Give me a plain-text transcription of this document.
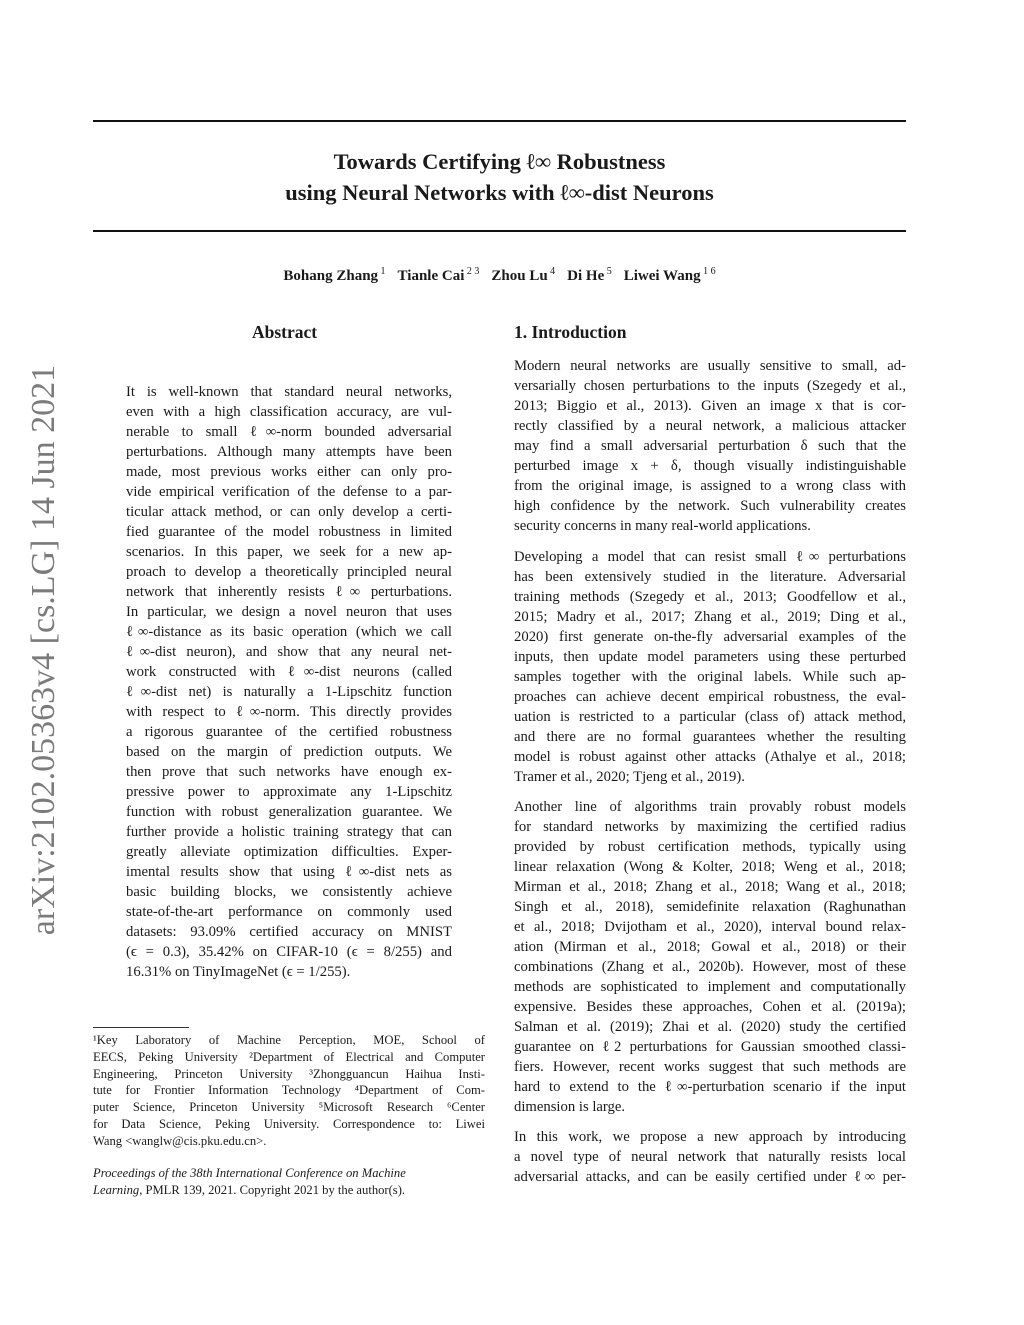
Towards Certifying ℓ∞ Robustness
using Neural Networks with ℓ∞-dist Neurons
Bohang Zhang $^1$ Tianle Cai $^{2 3}$ Zhou Lu $^4$ Di He $^5$ Liwei Wang $^{1 6}$
arXiv:2102.05363v4 [cs.LG] 14 Jun 2021
Abstract	1. Introduction
It is well-known that standard neural networks,
even with a high classification accuracy, are vul-
nerable to small ℓ∞-norm bounded adversarial
perturbations. Although many attempts have been
made, most previous works either can only pro-
vide empirical verification of the defense to a par-
ticular attack method, or can only develop a certi-
fied guarantee of the model robustness in limited
scenarios. In this paper, we seek for a new ap-
proach to develop a theoretically principled neural
network that inherently resists ℓ∞ perturbations.
In particular, we design a novel neuron that uses
ℓ∞-distance as its basic operation (which we call
ℓ∞-dist neuron), and show that any neural net-
work constructed with ℓ∞-dist neurons (called
ℓ∞-dist net) is naturally a 1-Lipschitz function
with respect to ℓ∞-norm. This directly provides
a rigorous guarantee of the certified robustness
based on the margin of prediction outputs. We
then prove that such networks have enough ex-
pressive power to approximate any 1-Lipschitz
function with robust generalization guarantee. We
further provide a holistic training strategy that can
greatly alleviate optimization difficulties. Exper-
imental results show that using ℓ∞-dist nets as
basic building blocks, we consistently achieve
state-of-the-art performance on commonly used
datasets: 93.09% certified accuracy on MNIST
(ϵ = 0.3), 35.42% on CIFAR-10 (ϵ = 8/255) and
16.31% on TinyImageNet (ϵ = 1/255).
Modern neural networks are usually sensitive to small, ad-
versarially chosen perturbations to the inputs (Szegedy et al.,
2013; Biggio et al., 2013). Given an image x that is cor-
rectly classified by a neural network, a malicious attacker
may find a small adversarial perturbation δ such that the
perturbed image x + δ, though visually indistinguishable
from the original image, is assigned to a wrong class with
high confidence by the network. Such vulnerability creates
security concerns in many real-world applications.
Developing a model that can resist small ℓ∞ perturbations
has been extensively studied in the literature. Adversarial
training methods (Szegedy et al., 2013; Goodfellow et al.,
2015; Madry et al., 2017; Zhang et al., 2019; Ding et al.,
2020) first generate on-the-fly adversarial examples of the
inputs, then update model parameters using these perturbed
samples together with the original labels. While such ap-
proaches can achieve decent empirical robustness, the eval-
uation is restricted to a particular (class of) attack method,
and there are no formal guarantees whether the resulting
model is robust against other attacks (Athalye et al., 2018;
Tramer et al., 2020; Tjeng et al., 2019).
Another line of algorithms train provably robust models
for standard networks by maximizing the certified radius
provided by robust certification methods, typically using
linear relaxation (Wong & Kolter, 2018; Weng et al., 2018;
Mirman et al., 2018; Zhang et al., 2018; Wang et al., 2018;
Singh et al., 2018), semidefinite relaxation (Raghunathan
et al., 2018; Dvijotham et al., 2020), interval bound relax-
ation (Mirman et al., 2018; Gowal et al., 2018) or their
combinations (Zhang et al., 2020b). However, most of these
methods are sophisticated to implement and computationally
expensive. Besides these approaches, Cohen et al. (2019a);
Salman et al. (2019); Zhai et al. (2020) study the certified
guarantee on ℓ2 perturbations for Gaussian smoothed classi-
fiers. However, recent works suggest that such methods are
hard to extend to the ℓ∞-perturbation scenario if the input
dimension is large.
In this work, we propose a new approach by introducing
a novel type of neural network that naturally resists local
adversarial attacks, and can be easily certified under ℓ∞ per-
¹Key Laboratory of Machine Perception, MOE, School of
EECS, Peking University ²Department of Electrical and Computer
Engineering, Princeton University ³Zhongguancun Haihua Insti-
tute for Frontier Information Technology ⁴Department of Com-
puter Science, Princeton University ⁵Microsoft Research ⁶Center
for Data Science, Peking University. Correspondence to: Liwei
Wang <wanglw@cis.pku.edu.cn>.
Proceedings of the 38th International Conference on Machine
Learning, PMLR 139, 2021. Copyright 2021 by the author(s).
